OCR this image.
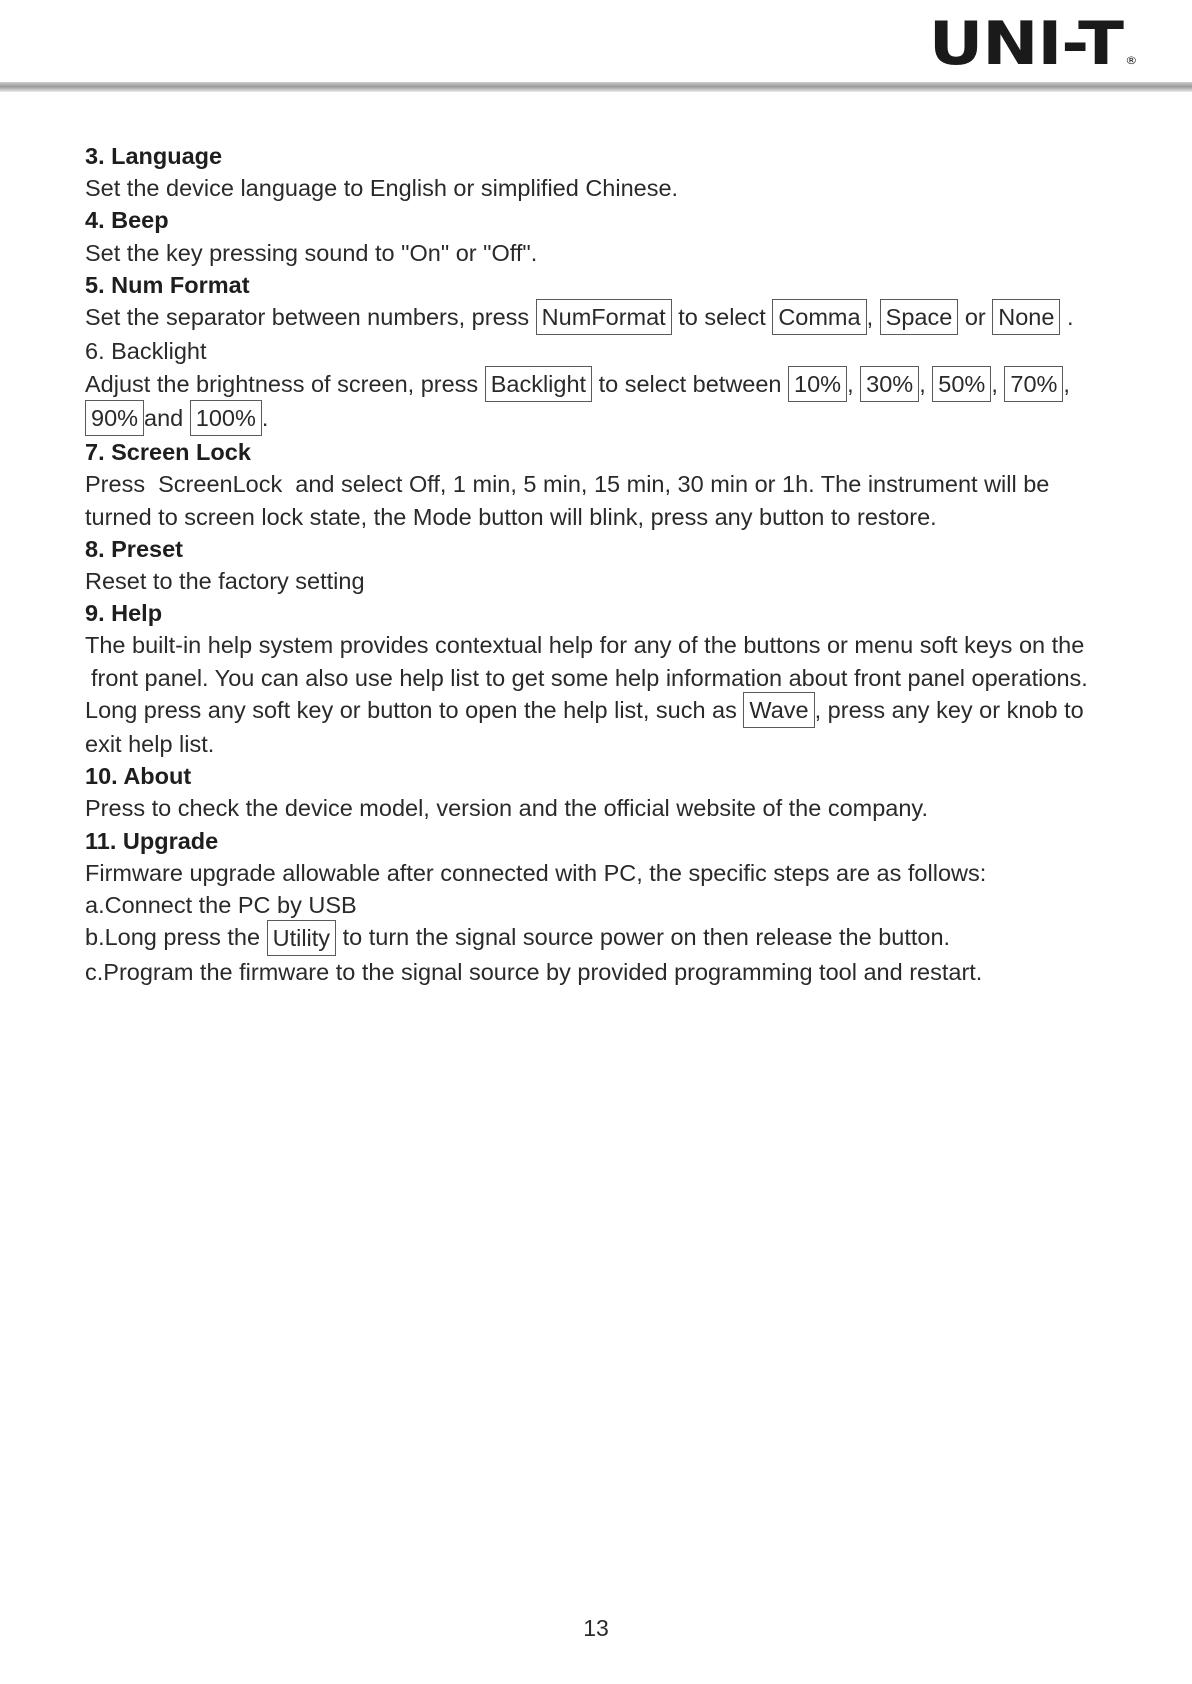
UNI-T ®

3. Language

Set the device language to English or simplified Chinese.

4. Beep

Set the key pressing sound to "On" or "Off".

5. Num Format

Set the separator between numbers, press NumFormat to select Comma , Space or None .

6. Backlight

Adjust the brightness of screen, press Backlight to select between 10% , 30% , 50% , 70% ,
90% and 100% .

7. Screen Lock

Press  ScreenLock  and select Off, 1 min, 5 min, 15 min, 30 min or 1h. The instrument will be turned to screen lock state, the Mode button will blink, press any button to restore.

8. Preset

Reset to the factory setting

9. Help

The built-in help system provides contextual help for any of the buttons or menu soft keys on the

front panel. You can also use help list to get some help information about front panel operations.

Long press any soft key or button to open the help list, such as Wave , press any key or knob to

exit help list.

10. About

Press to check the device model, version and the official website of the company.

11. Upgrade

Firmware upgrade allowable after connected with PC, the specific steps are as follows:

a.Connect the PC by USB

b.Long press the Utility to turn the signal source power on then release the button.

c.Program the firmware to the signal source by provided programming tool and restart.

13
